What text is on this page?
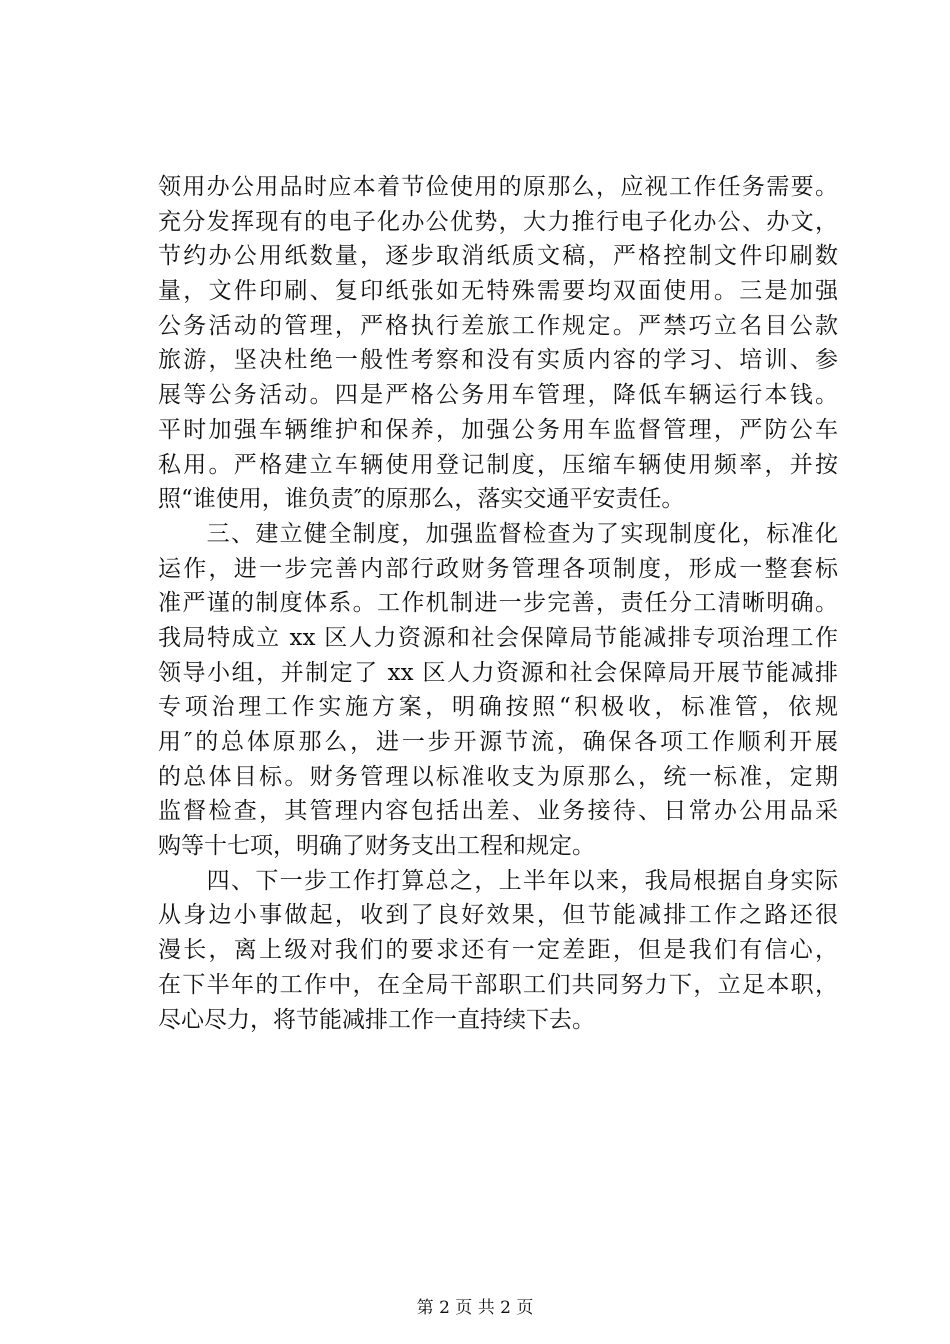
领用办公用品时应本着节俭使用的原那么，应视工作任务需要。
充分发挥现有的电子化办公优势，大力推行电子化办公、办文，
节约办公用纸数量，逐步取消纸质文稿，严格控制文件印刷数
量，文件印刷、复印纸张如无特殊需要均双面使用。三是加强
公务活动的管理，严格执行差旅工作规定。严禁巧立名目公款
旅游，坚决杜绝一般性考察和没有实质内容的学习、培训、参
展等公务活动。四是严格公务用车管理，降低车辆运行本钱。
平时加强车辆维护和保养，加强公务用车监督管理，严防公车
私用。严格建立车辆使用登记制度，压缩车辆使用频率，并按
照“谁使用，谁负责″的原那么，落实交通平安责任。
　　三、建立健全制度，加强监督检查为了实现制度化，标准化
运作，进一步完善内部行政财务管理各项制度，形成一整套标
准严谨的制度体系。工作机制进一步完善，责任分工清晰明确。
我局特成立 xx 区人力资源和社会保障局节能减排专项治理工作
领导小组，并制定了 xx 区人力资源和社会保障局开展节能减排
专项治理工作实施方案，明确按照“积极收，标准管，依规
用″的总体原那么，进一步开源节流，确保各项工作顺利开展
的总体目标。财务管理以标准收支为原那么，统一标准，定期
监督检查，其管理内容包括出差、业务接待、日常办公用品采
购等十七项，明确了财务支出工程和规定。
　　四、下一步工作打算总之，上半年以来，我局根据自身实际
从身边小事做起，收到了良好效果，但节能减排工作之路还很
漫长，离上级对我们的要求还有一定差距，但是我们有信心，
在下半年的工作中，在全局干部职工们共同努力下，立足本职，
尽心尽力，将节能减排工作一直持续下去。
第 2 页 共 2 页
